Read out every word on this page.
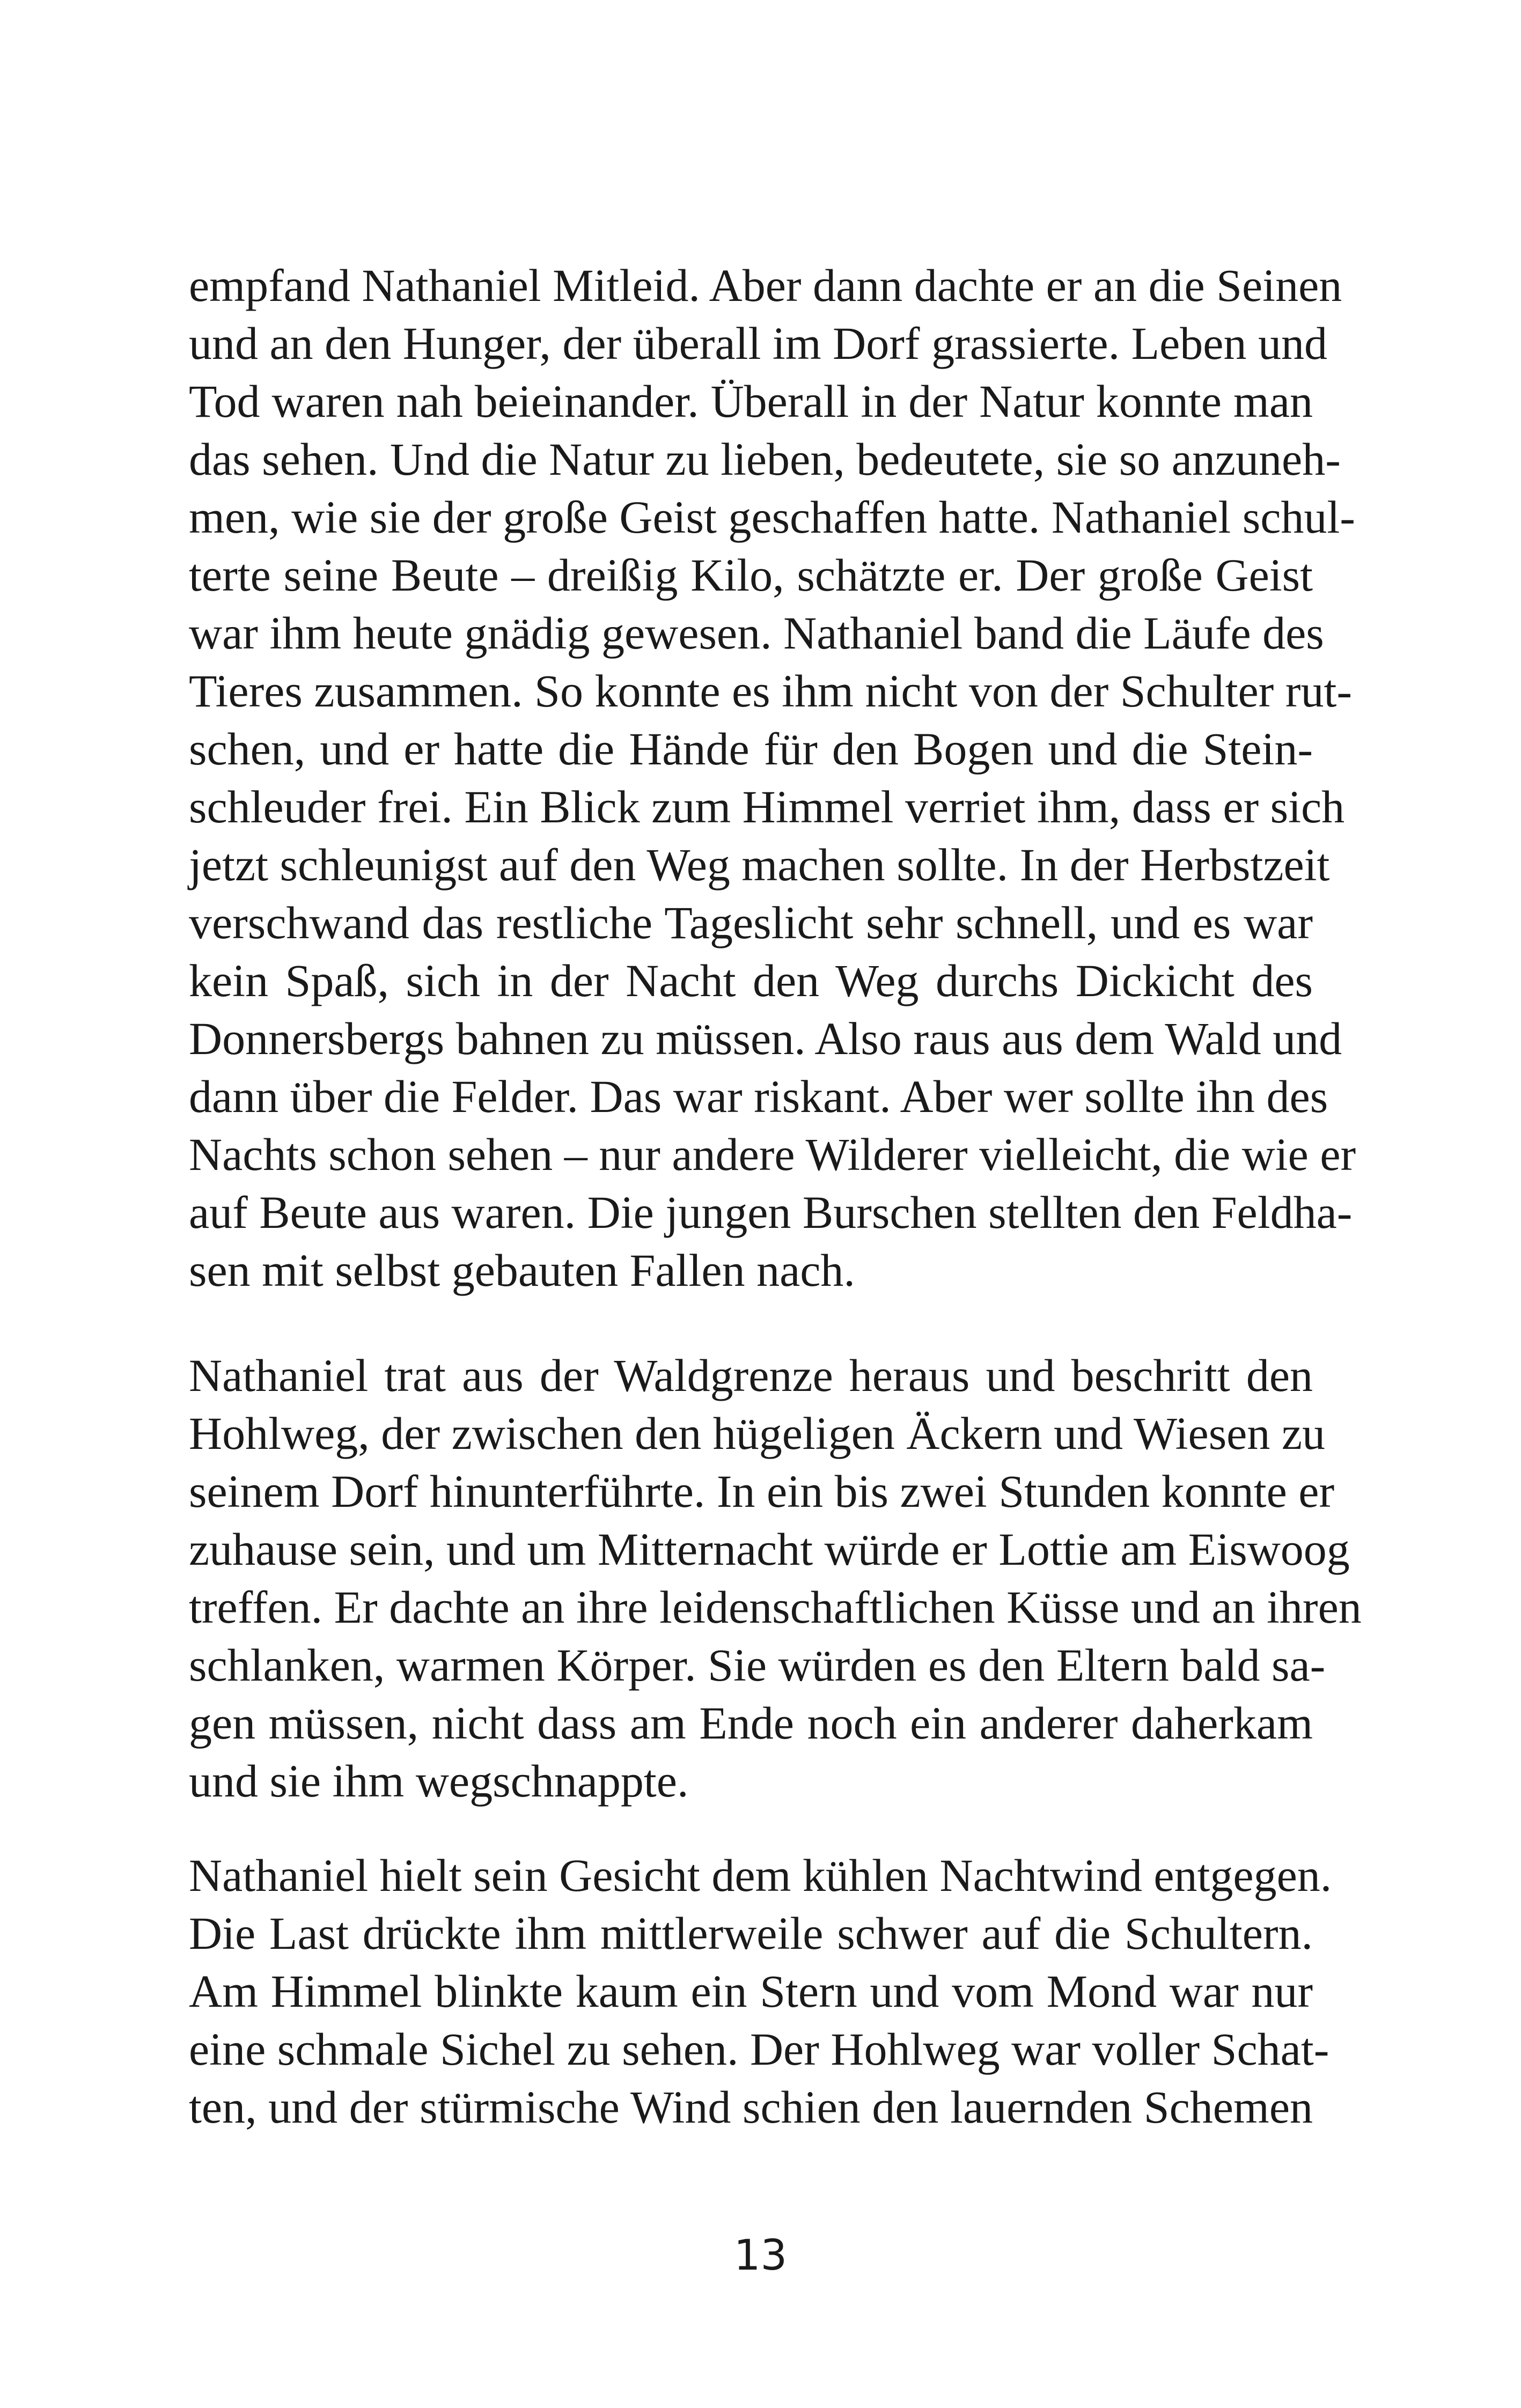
empfand Nathaniel Mitleid. Aber dann dachte er an die Seinen
und an den Hunger, der überall im Dorf grassierte. Leben und
Tod waren nah beieinander. Überall in der Natur konnte man
das sehen. Und die Natur zu lieben, bedeutete, sie so anzuneh-
men, wie sie der große Geist geschaffen hatte. Nathaniel schul-
terte seine Beute – dreißig Kilo, schätzte er. Der große Geist
war ihm heute gnädig gewesen. Nathaniel band die Läufe des
Tieres zusammen. So konnte es ihm nicht von der Schulter rut-
schen, und er hatte die Hände für den Bogen und die Stein-
schleuder frei. Ein Blick zum Himmel verriet ihm, dass er sich
jetzt schleunigst auf den Weg machen sollte. In der Herbstzeit
verschwand das restliche Tageslicht sehr schnell, und es war
kein Spaß, sich in der Nacht den Weg durchs Dickicht des
Donnersbergs bahnen zu müssen. Also raus aus dem Wald und
dann über die Felder. Das war riskant. Aber wer sollte ihn des
Nachts schon sehen – nur andere Wilderer vielleicht, die wie er
auf Beute aus waren. Die jungen Burschen stellten den Feldha-
sen mit selbst gebauten Fallen nach.
Nathaniel trat aus der Waldgrenze heraus und beschritt den
Hohlweg, der zwischen den hügeligen Äckern und Wiesen zu
seinem Dorf hinunterführte. In ein bis zwei Stunden konnte er
zuhause sein, und um Mitternacht würde er Lottie am Eiswoog
treffen. Er dachte an ihre leidenschaftlichen Küsse und an ihren
schlanken, warmen Körper. Sie würden es den Eltern bald sa-
gen müssen, nicht dass am Ende noch ein anderer daherkam
und sie ihm wegschnappte.
Nathaniel hielt sein Gesicht dem kühlen Nachtwind entgegen.
Die Last drückte ihm mittlerweile schwer auf die Schultern.
Am Himmel blinkte kaum ein Stern und vom Mond war nur
eine schmale Sichel zu sehen. Der Hohlweg war voller Schat-
ten, und der stürmische Wind schien den lauernden Schemen
13
